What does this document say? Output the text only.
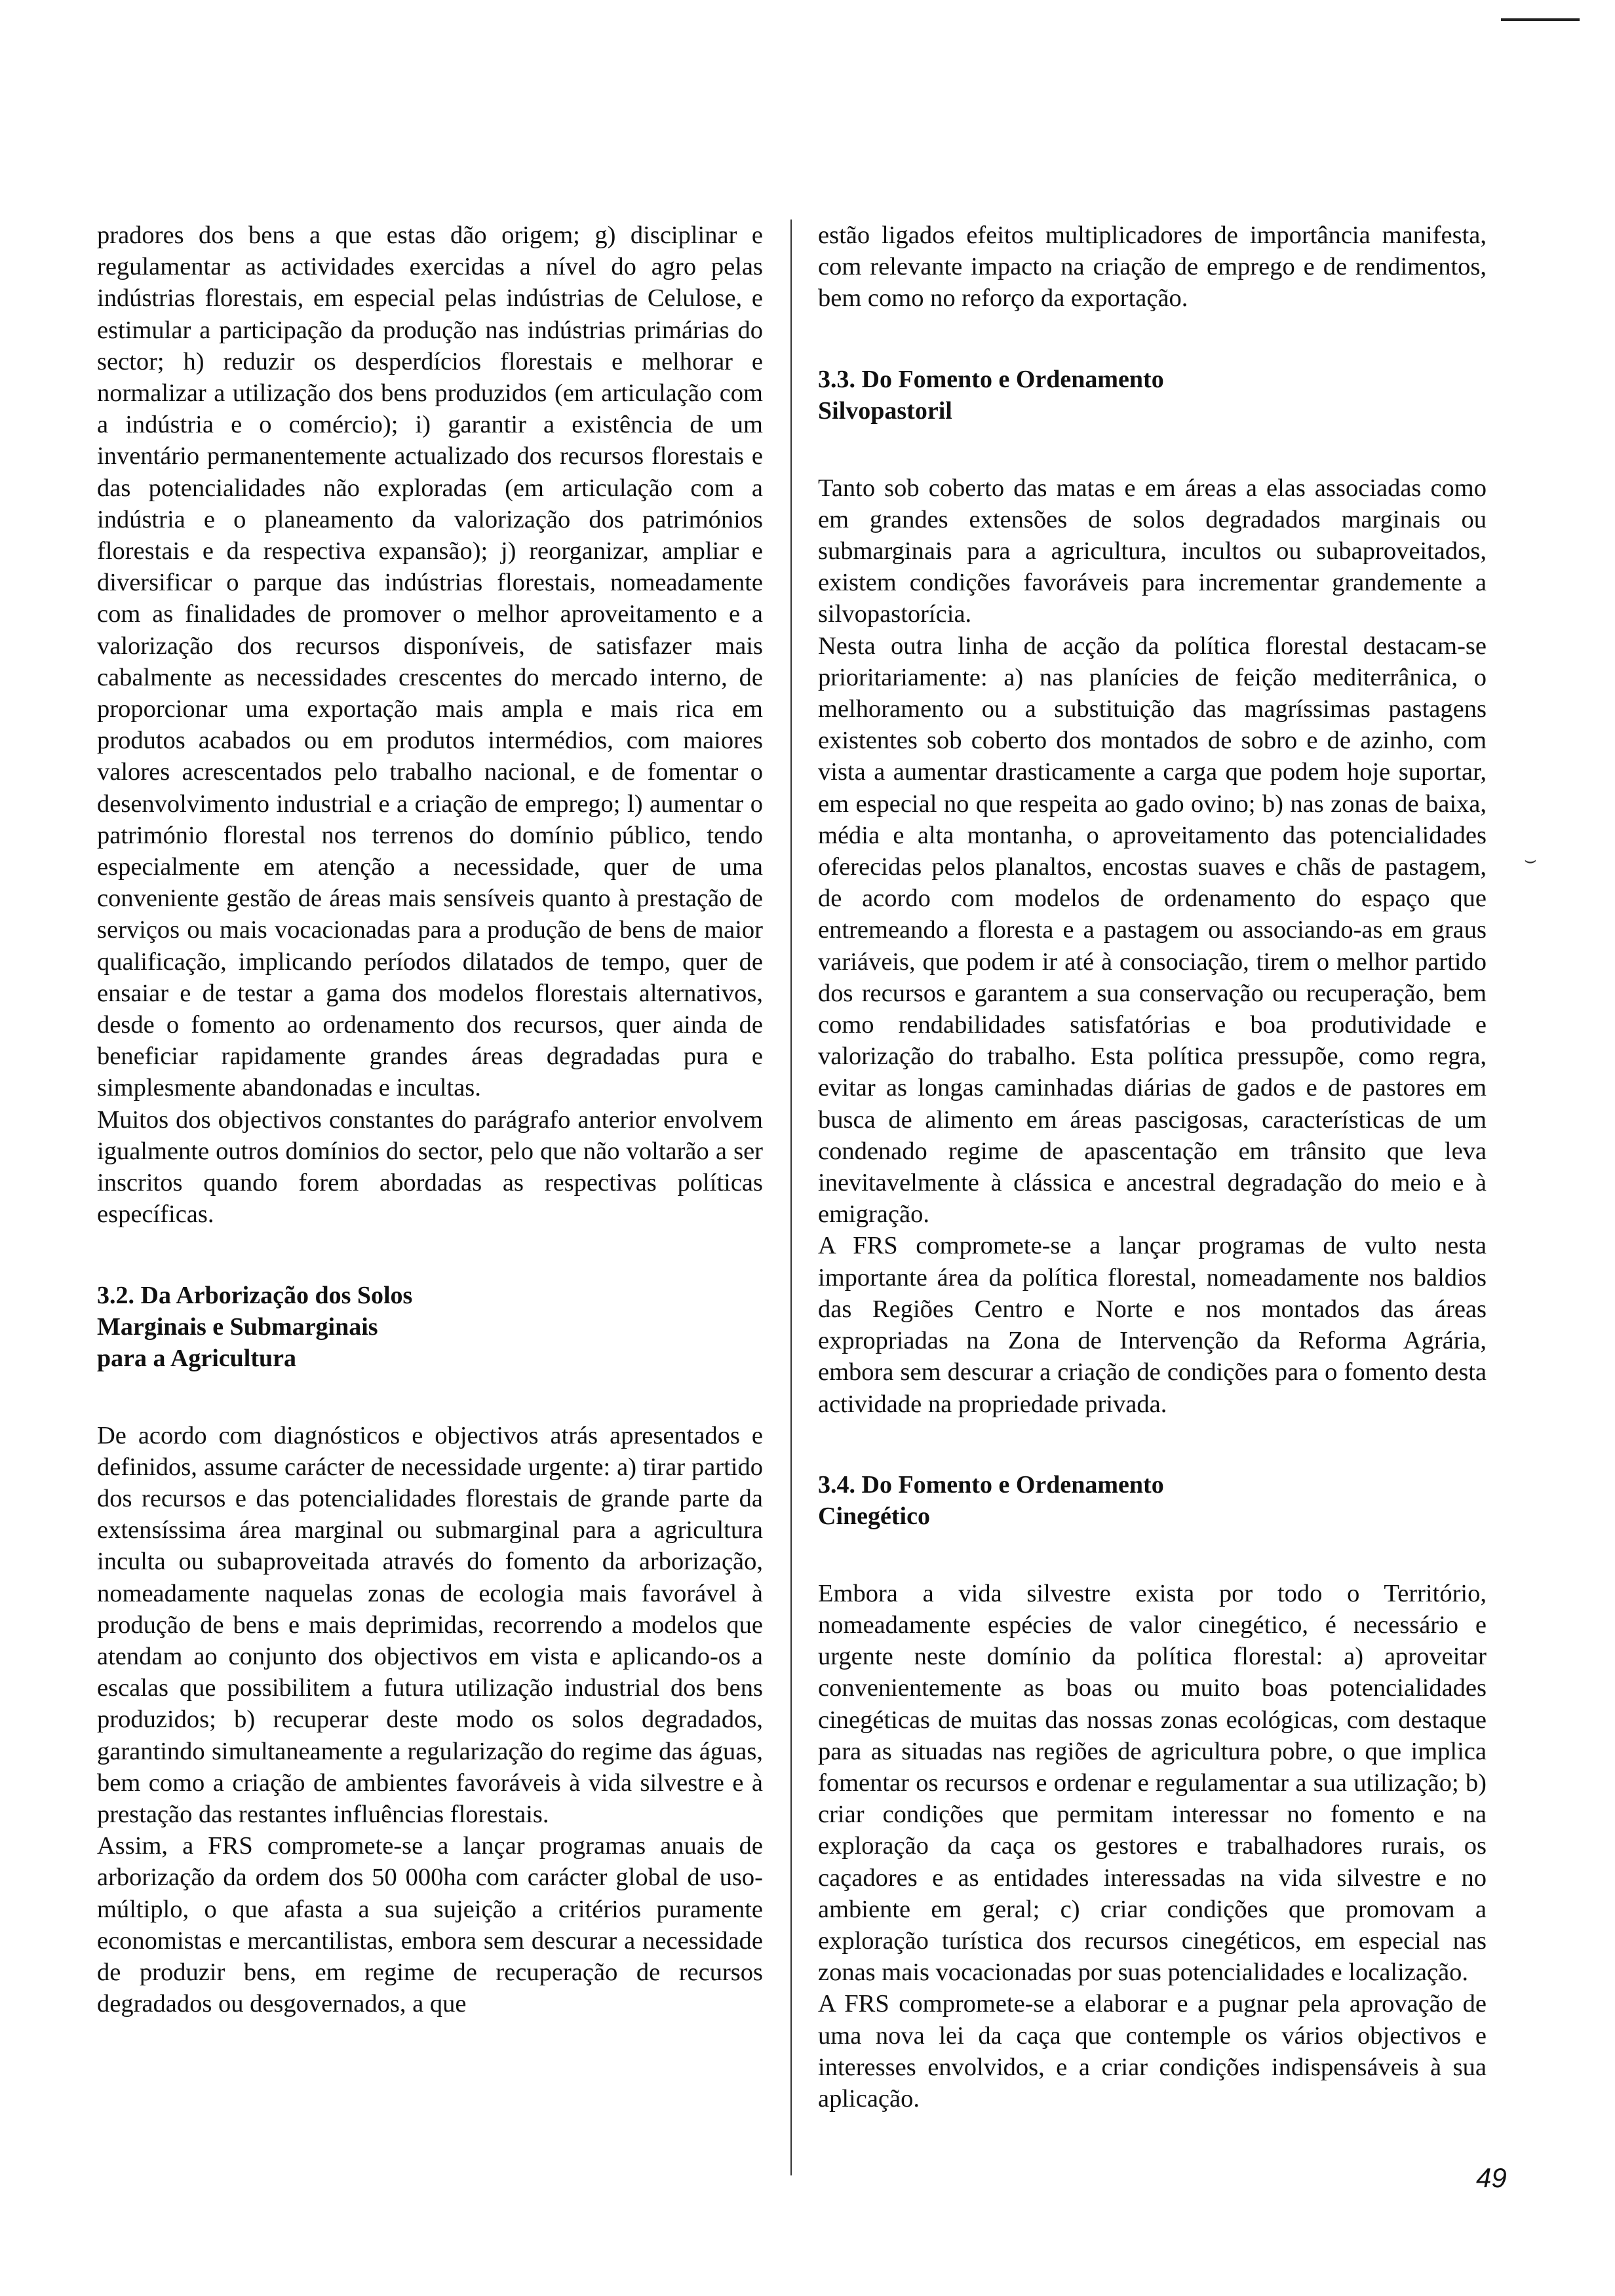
pradores dos bens a que estas dão origem; g) disciplinar e regulamentar as actividades exercidas a nível do agro pelas indústrias florestais, em especial pelas indústrias de Celulose, e estimular a participação da produção nas indústrias primárias do sector; h) reduzir os desperdícios florestais e melhorar e normalizar a utilização dos bens produzidos (em articulação com a indústria e o comércio); i) garantir a existência de um inventário permanentemente actualizado dos recursos florestais e das potencialidades não exploradas (em articulação com a indústria e o planeamento da valorização dos patrimónios florestais e da respectiva expansão); j) reorganizar, ampliar e diversificar o parque das indústrias florestais, nomeadamente com as finalidades de promover o melhor aproveitamento e a valorização dos recursos disponíveis, de satisfazer mais cabalmente as necessidades crescentes do mercado interno, de proporcionar uma exportação mais ampla e mais rica em produtos acabados ou em produtos intermédios, com maiores valores acrescentados pelo trabalho nacional, e de fomentar o desenvolvimento industrial e a criação de emprego; l) aumentar o património florestal nos terrenos do domínio público, tendo especialmente em atenção a necessidade, quer de uma conveniente gestão de áreas mais sensíveis quanto à prestação de serviços ou mais vocacionadas para a produção de bens de maior qualificação, implicando períodos dilatados de tempo, quer de ensaiar e de testar a gama dos modelos florestais alternativos, desde o fomento ao ordenamento dos recursos, quer ainda de beneficiar rapidamente grandes áreas degradadas pura e simplesmente abandonadas e incultas.

Muitos dos objectivos constantes do parágrafo anterior envolvem igualmente outros domínios do sector, pelo que não voltarão a ser inscritos quando forem abordadas as respectivas políticas específicas.

3.2. Da Arborização dos Solos
Marginais e Submarginais
para a Agricultura

De acordo com diagnósticos e objectivos atrás apresentados e definidos, assume carácter de necessidade urgente: a) tirar partido dos recursos e das potencialidades florestais de grande parte da extensíssima área marginal ou submarginal para a agricultura inculta ou subaproveitada através do fomento da arborização, nomeadamente naquelas zonas de ecologia mais favorável à produção de bens e mais deprimidas, recorrendo a modelos que atendam ao conjunto dos objectivos em vista e aplicando-os a escalas que possibilitem a futura utilização industrial dos bens produzidos; b) recuperar deste modo os solos degradados, garantindo simultaneamente a regularização do regime das águas, bem como a criação de ambientes favoráveis à vida silvestre e à prestação das restantes influências florestais.

Assim, a FRS compromete-se a lançar programas anuais de arborização da ordem dos 50 000ha com carácter global de uso-múltiplo, o que afasta a sua sujeição a critérios puramente economistas e mercantilistas, embora sem descurar a necessidade de produzir bens, em regime de recuperação de recursos degradados ou desgovernados, a que

estão ligados efeitos multiplicadores de importância manifesta, com relevante impacto na criação de emprego e de rendimentos, bem como no reforço da exportação.

3.3. Do Fomento e Ordenamento
Silvopastoril

Tanto sob coberto das matas e em áreas a elas associadas como em grandes extensões de solos degradados marginais ou submarginais para a agricultura, incultos ou subaproveitados, existem condições favoráveis para incrementar grandemente a silvopastorícia.

Nesta outra linha de acção da política florestal destacam-se prioritariamente: a) nas planícies de feição mediterrânica, o melhoramento ou a substituição das magríssimas pastagens existentes sob coberto dos montados de sobro e de azinho, com vista a aumentar drasticamente a carga que podem hoje suportar, em especial no que respeita ao gado ovino; b) nas zonas de baixa, média e alta montanha, o aproveitamento das potencialidades oferecidas pelos planaltos, encostas suaves e chãs de pastagem, de acordo com modelos de ordenamento do espaço que entremeando a floresta e a pastagem ou associando-as em graus variáveis, que podem ir até à consociação, tirem o melhor partido dos recursos e garantem a sua conservação ou recuperação, bem como rendabilidades satisfatórias e boa produtividade e valorização do trabalho. Esta política pressupõe, como regra, evitar as longas caminhadas diárias de gados e de pastores em busca de alimento em áreas pascigosas, características de um condenado regime de apascentação em trânsito que leva inevitavelmente à clássica e ancestral degradação do meio e à emigração.

A FRS compromete-se a lançar programas de vulto nesta importante área da política florestal, nomeadamente nos baldios das Regiões Centro e Norte e nos montados das áreas expropriadas na Zona de Intervenção da Reforma Agrária, embora sem descurar a criação de condições para o fomento desta actividade na propriedade privada.

3.4. Do Fomento e Ordenamento
Cinegético

Embora a vida silvestre exista por todo o Território, nomeadamente espécies de valor cinegético, é necessário e urgente neste domínio da política florestal: a) aproveitar convenientemente as boas ou muito boas potencialidades cinegéticas de muitas das nossas zonas ecológicas, com destaque para as situadas nas regiões de agricultura pobre, o que implica fomentar os recursos e ordenar e regulamentar a sua utilização; b) criar condições que permitam interessar no fomento e na exploração da caça os gestores e trabalhadores rurais, os caçadores e as entidades interessadas na vida silvestre e no ambiente em geral; c) criar condições que promovam a exploração turística dos recursos cinegéticos, em especial nas zonas mais vocacionadas por suas potencialidades e localização.

A FRS compromete-se a elaborar e a pugnar pela aprovação de uma nova lei da caça que contemple os vários objectivos e interesses envolvidos, e a criar condições indispensáveis à sua aplicação.

⌣
49
